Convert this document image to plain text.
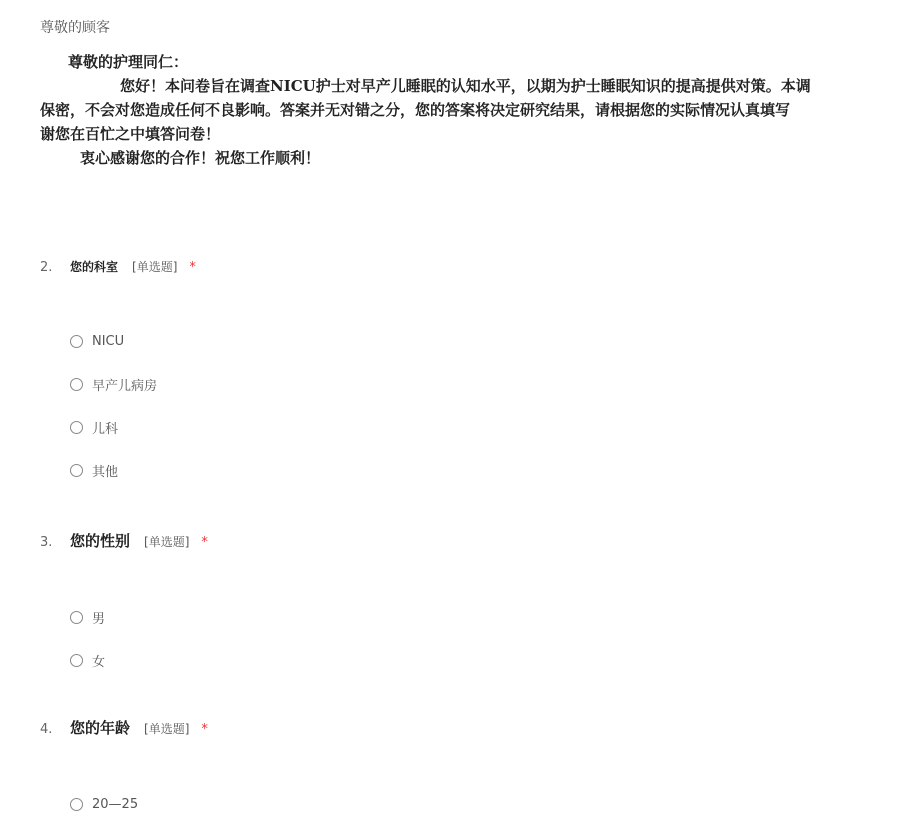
尊敬的顾客
尊敬的护理同仁：
您好！本问卷旨在调查NICU护士对早产儿睡眠的认知水平，以期为护士睡眠知识的提高提供对策。本调
保密，不会对您造成任何不良影响。答案并无对错之分，您的答案将决定研究结果，请根据您的实际情况认真填写
谢您在百忙之中填答问卷！
衷心感谢您的合作！祝您工作顺利！
2.	您的科室 [单选题] *
NICU
早产儿病房
儿科
其他
3.	您的性别 [单选题] *
男
女
4.	您的年龄 [单选题] *
20—25
